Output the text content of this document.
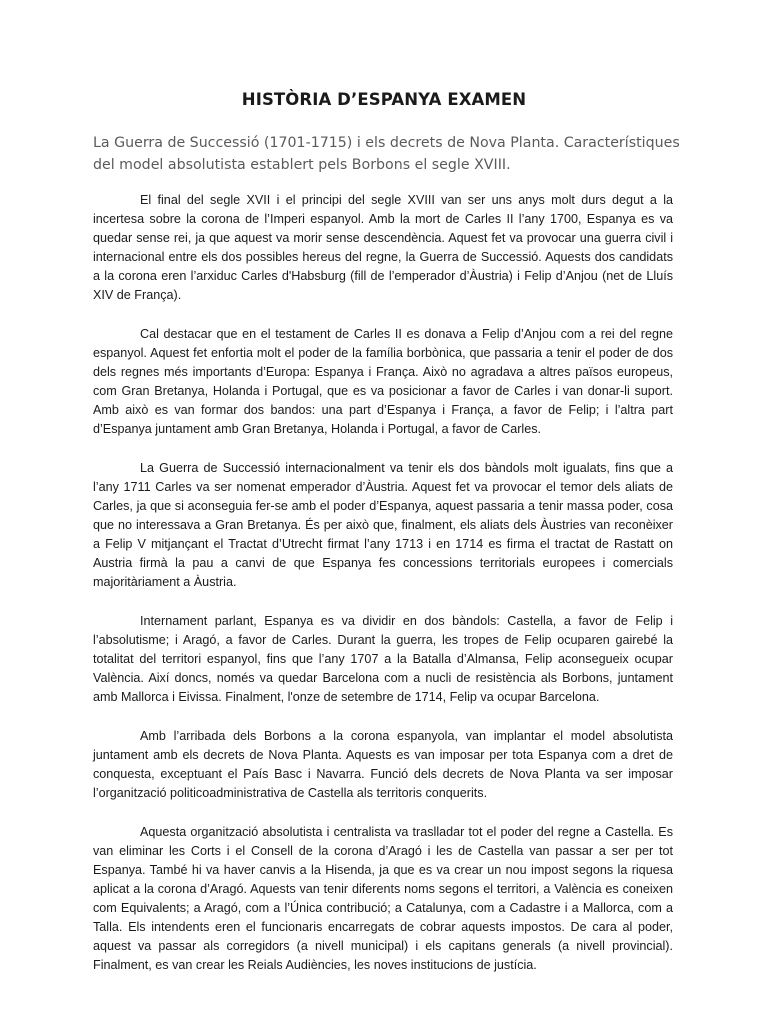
HISTÒRIA D’ESPANYA EXAMEN
La Guerra de Successió (1701-1715) i els decrets de Nova Planta. Característiques del model absolutista establert pels Borbons el segle XVIII.

El final del segle XVII i el principi del segle XVIII van ser uns anys molt durs degut a la incertesa sobre la corona de l’Imperi espanyol. Amb la mort de Carles II l’any 1700, Espanya es va quedar sense rei, ja que aquest va morir sense descendència. Aquest fet va provocar una guerra civil i internacional entre els dos possibles hereus del regne, la Guerra de Successió. Aquests dos candidats a la corona eren l’arxiduc Carles d'Habsburg (fill de l’emperador d’Àustria) i Felip d’Anjou (net de Lluís XIV de França).

Cal destacar que en el testament de Carles II es donava a Felip d’Anjou com a rei del regne espanyol. Aquest fet enfortia molt el poder de la família borbònica, que passaria a tenir el poder de dos dels regnes més importants d’Europa: Espanya i França. Això no agradava a altres països europeus, com Gran Bretanya, Holanda i Portugal, que es va posicionar a favor de Carles i van donar-li suport. Amb això es van formar dos bandos: una part d’Espanya i França, a favor de Felip; i l’altra part d’Espanya juntament amb Gran Bretanya, Holanda i Portugal, a favor de Carles.

La Guerra de Successió internacionalment va tenir els dos bàndols molt igualats, fins que a l’any 1711 Carles va ser nomenat emperador d’Àustria. Aquest fet va provocar el temor dels aliats de Carles, ja que si aconseguia fer-se amb el poder d’Espanya, aquest passaria a tenir massa poder, cosa que no interessava a Gran Bretanya. És per això que, finalment, els aliats dels Àustries van reconèixer a Felip V mitjançant el Tractat d’Utrecht firmat l’any 1713 i en 1714 es firma el tractat de Rastatt on Austria firmà la pau a canvi de que Espanya fes concessions territorials europees i comercials majoritàriament a Àustria.

Internament parlant, Espanya es va dividir en dos bàndols: Castella, a favor de Felip i l’absolutisme; i Aragó, a favor de Carles. Durant la guerra, les tropes de Felip ocuparen gairebé la totalitat del territori espanyol, fins que l’any 1707 a la Batalla d’Almansa, Felip aconsegueix ocupar València. Així doncs, només va quedar Barcelona com a nucli de resistència als Borbons, juntament amb Mallorca i Eivissa. Finalment, l'onze de setembre de 1714, Felip va ocupar Barcelona.

Amb l’arribada dels Borbons a la corona espanyola, van implantar el model absolutista juntament amb els decrets de Nova Planta. Aquests es van imposar per tota Espanya com a dret de conquesta, exceptuant el País Basc i Navarra. Funció dels decrets de Nova Planta va ser imposar l’organització politicoadministrativa de Castella als territoris conquerits.

Aquesta organització absolutista i centralista va traslladar tot el poder del regne a Castella. Es van eliminar les Corts i el Consell de la corona d’Aragó i les de Castella van passar a ser per tot Espanya. També hi va haver canvis a la Hisenda, ja que es va crear un nou impost segons la riquesa aplicat a la corona d’Aragó. Aquests van tenir diferents noms segons el territori, a València es coneixen com Equivalents; a Aragó, com a l’Única contribució; a Catalunya, com a Cadastre i a Mallorca, com a Talla. Els intendents eren el funcionaris encarregats de cobrar aquests impostos. De cara al poder, aquest va passar als corregidors (a nivell municipal) i els capitans generals (a nivell provincial). Finalment, es van crear les Reials Audiències, les noves institucions de justícia.
